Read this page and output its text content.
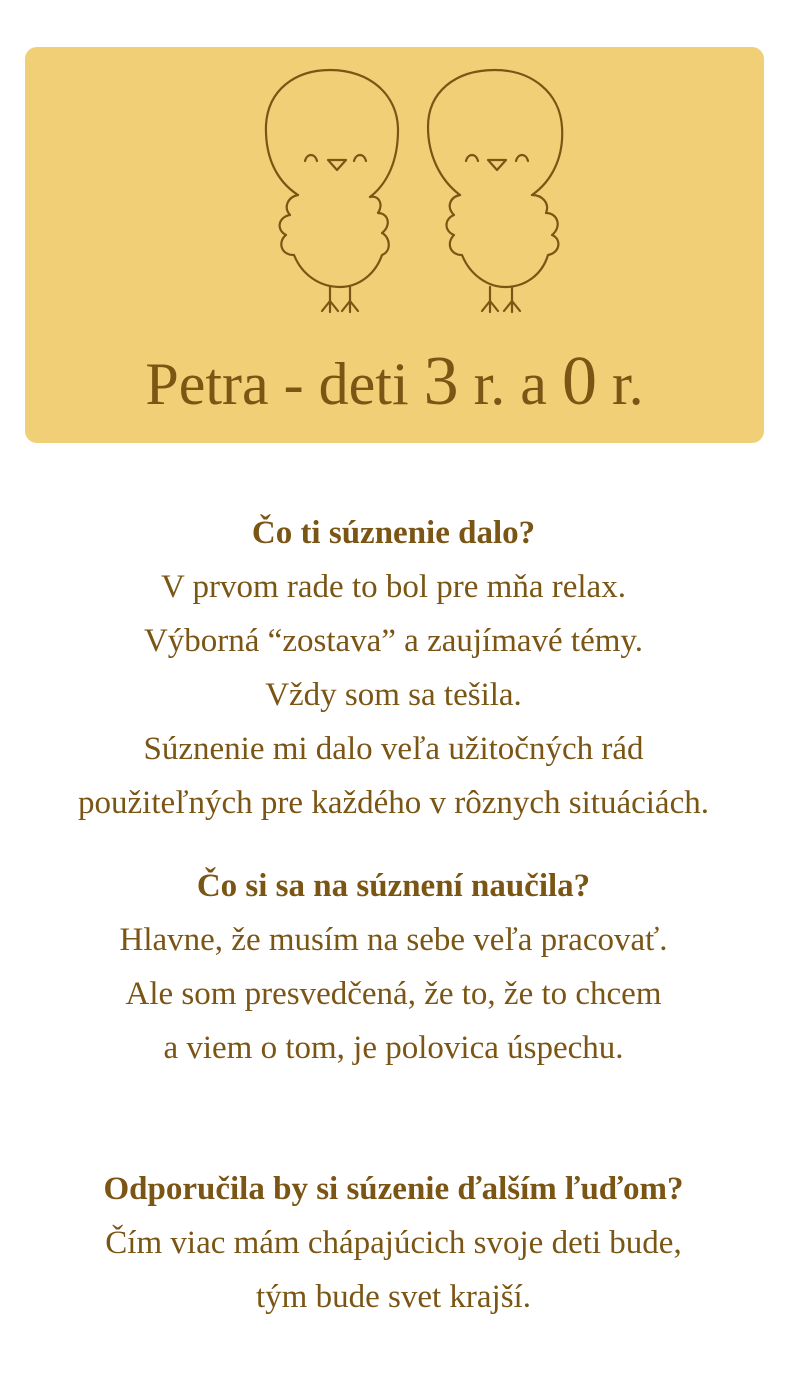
Petra - deti 3 r. a 0 r.
Čo ti súznenie dalo?
V prvom rade to bol pre mňa relax.
Výborná “zostava” a zaujímavé témy.
Vždy som sa tešila.
Súznenie mi dalo veľa užitočných rád
použiteľných pre každého v rôznych situáciách.
Čo si sa na súznení naučila?
Hlavne, že musím na sebe veľa pracovať.
Ale som presvedčená, že to, že to chcem
a viem o tom, je polovica úspechu.
Odporučila by si súzenie ďalším ľuďom?
Čím viac mám chápajúcich svoje deti bude,
tým bude svet krajší.
